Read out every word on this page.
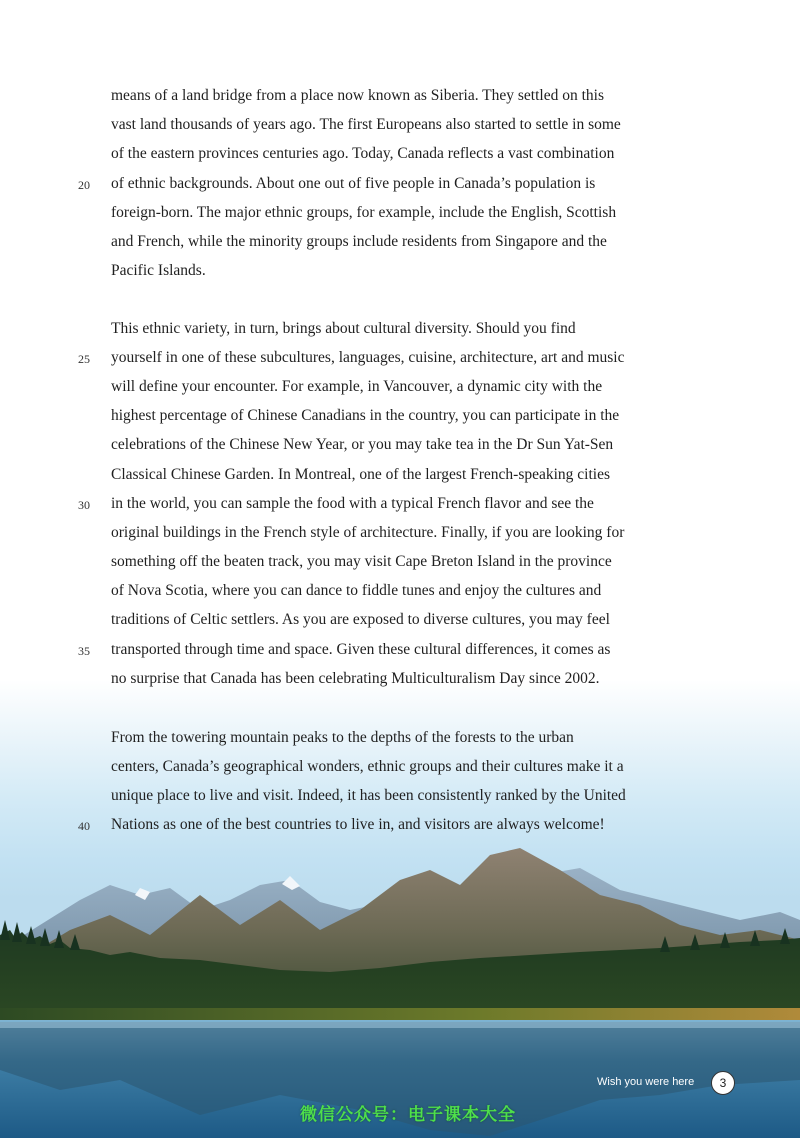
means of a land bridge from a place now known as Siberia. They settled on this
vast land thousands of years ago. The first Europeans also started to settle in some
of the eastern provinces centuries ago. Today, Canada reflects a vast combination
of ethnic backgrounds. About one out of five people in Canada’s population is
foreign-born. The major ethnic groups, for example, include the English, Scottish
and French, while the minority groups include residents from Singapore and the
Pacific Islands.
This ethnic variety, in turn, brings about cultural diversity. Should you find
yourself in one of these subcultures, languages, cuisine, architecture, art and music
will define your encounter. For example, in Vancouver, a dynamic city with the
highest percentage of Chinese Canadians in the country, you can participate in the
celebrations of the Chinese New Year, or you may take tea in the Dr Sun Yat-Sen
Classical Chinese Garden. In Montreal, one of the largest French-speaking cities
in the world, you can sample the food with a typical French flavor and see the
original buildings in the French style of architecture. Finally, if you are looking for
something off the beaten track, you may visit Cape Breton Island in the province
of Nova Scotia, where you can dance to fiddle tunes and enjoy the cultures and
traditions of Celtic settlers. As you are exposed to diverse cultures, you may feel
transported through time and space. Given these cultural differences, it comes as
no surprise that Canada has been celebrating Multiculturalism Day since 2002.
From the towering mountain peaks to the depths of the forests to the urban
centers, Canada’s geographical wonders, ethnic groups and their cultures make it a
unique place to live and visit. Indeed, it has been consistently ranked by the United
Nations as one of the best countries to live in, and visitors are always welcome!
20
25
30
35
40
Wish you were here	3
微信公众号：电子课本大全
